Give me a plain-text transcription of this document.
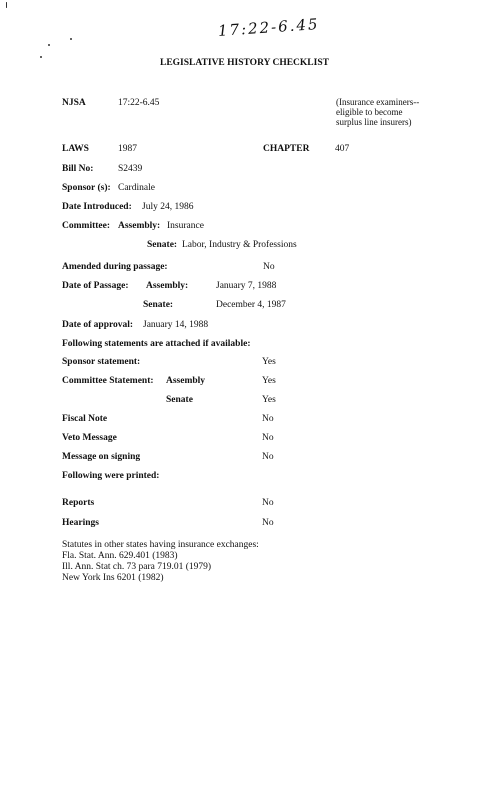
17:22-6.45
LEGISLATIVE HISTORY CHECKLIST
NJSA	17:22-6.45	(Insurance examiners--eligible to become surplus line insurers)
LAWS	1987	CHAPTER	407
Bill No:	S2439
Sponsor (s): Cardinale
Date Introduced: July 24, 1986
Committee: Assembly: Insurance
Senate: Labor, Industry & Professions
Amended during passage:	No
Date of Passage: Assembly:	January 7, 1988
Senate:	December 4, 1987
Date of approval: January 14, 1988
Following statements are attached if available:
Sponsor statement:	Yes
Committee Statement: Assembly	Yes
Senate	Yes
Fiscal Note	No
Veto Message	No
Message on signing	No
Following were printed:
Reports	No
Hearings	No
Statutes in other states having insurance exchanges:
Fla. Stat. Ann. 629.401 (1983)
Ill. Ann. Stat ch. 73 para 719.01 (1979)
New York Ins 6201 (1982)
